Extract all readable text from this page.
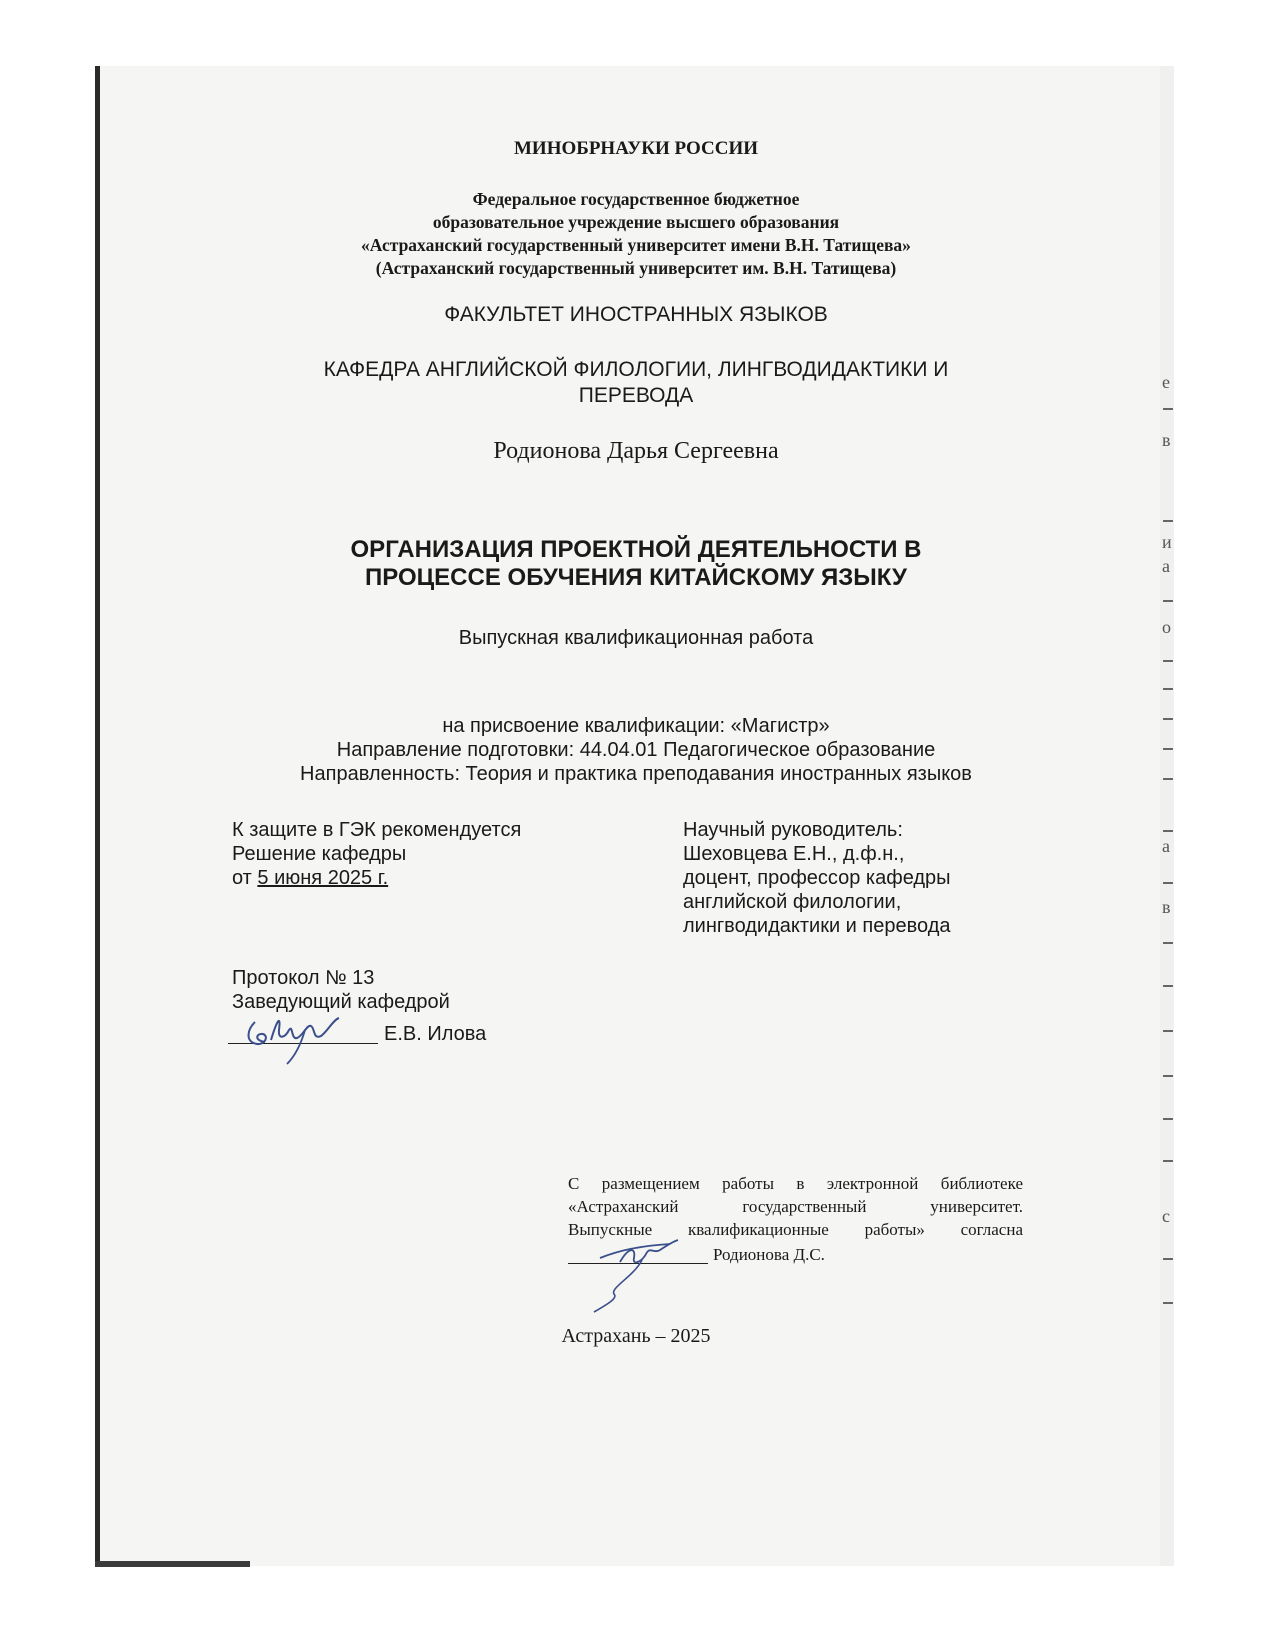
е
в
и
а
о
а
в
с
МИНОБРНАУКИ РОССИИ
Федеральное государственное бюджетное
образовательное учреждение высшего образования
«Астраханский государственный университет имени В.Н. Татищева»
(Астраханский государственный университет им. В.Н. Татищева)
ФАКУЛЬТЕТ ИНОСТРАННЫХ ЯЗЫКОВ
КАФЕДРА АНГЛИЙСКОЙ ФИЛОЛОГИИ, ЛИНГВОДИДАКТИКИ И
ПЕРЕВОДА
Родионова Дарья Сергеевна
ОРГАНИЗАЦИЯ ПРОЕКТНОЙ ДЕЯТЕЛЬНОСТИ В
ПРОЦЕССЕ ОБУЧЕНИЯ КИТАЙСКОМУ ЯЗЫКУ
Выпускная квалификационная работа
на присвоение квалификации: «Магистр»
Направление подготовки: 44.04.01 Педагогическое образование
Направленность: Теория и практика преподавания иностранных языков
К защите в ГЭК рекомендуется
Решение кафедры
от 5 июня 2025 г.
Научный руководитель:
Шеховцева Е.Н., д.ф.н.,
доцент, профессор кафедры
английской филологии,
лингводидактики и перевода
Протокол № 13
Заведующий кафедрой
Е.В. Илова
С размещением работы в электронной библиотеке
«Астраханский государственный университет.
Выпускные квалификационные работы» согласна
Родионова Д.С.
Астрахань – 2025
